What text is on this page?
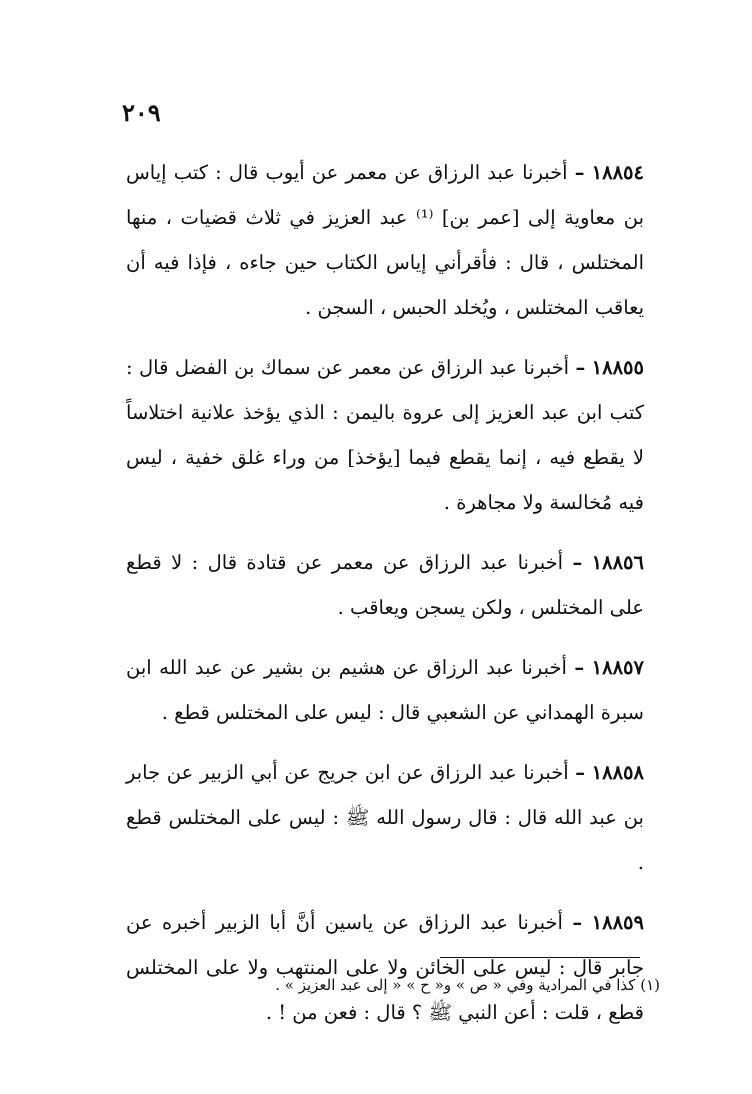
٢٠٩

١٨٨٥٤ – أخبرنا عبد الرزاق عن معمر عن أيوب قال : كتب إياس بن معاوية إلى [عمر بن] ⁽¹⁾ عبد العزيز في ثلاث قضيات ، منها المختلس ، قال : فأقرأني إياس الكتاب حين جاءه ، فإذا فيه أن يعاقب المختلس ، ويُخلد الحبس ، السجن .

١٨٨٥٥ – أخبرنا عبد الرزاق عن معمر عن سماك بن الفضل قال : كتب ابن عبد العزيز إلى عروة باليمن : الذي يؤخذ علانية اختلاساً لا يقطع فيه ، إنما يقطع فيما [يؤخذ] من وراء غلق خفية ، ليس فيه مُخالسة ولا مجاهرة .

١٨٨٥٦ – أخبرنا عبد الرزاق عن معمر عن قتادة قال : لا قطع على المختلس ، ولكن يسجن ويعاقب .

١٨٨٥٧ – أخبرنا عبد الرزاق عن هشيم بن بشير عن عبد الله ابن سبرة الهمداني عن الشعبي قال : ليس على المختلس قطع .

١٨٨٥٨ – أخبرنا عبد الرزاق عن ابن جريج عن أبي الزبير عن جابر بن عبد الله قال : قال رسول الله ﷺ : ليس على المختلس قطع .

١٨٨٥٩ – أخبرنا عبد الرزاق عن ياسين أنَّ أبا الزبير أخبره عن جابر قال : ليس على الخائن ولا على المنتهب ولا على المختلس قطع ، قلت : أعن النبي ﷺ ؟ قال : فعن من ! .

(١) كذا في المرادية وفي « ص » و« ح » « إلى عبد العزيز » .
